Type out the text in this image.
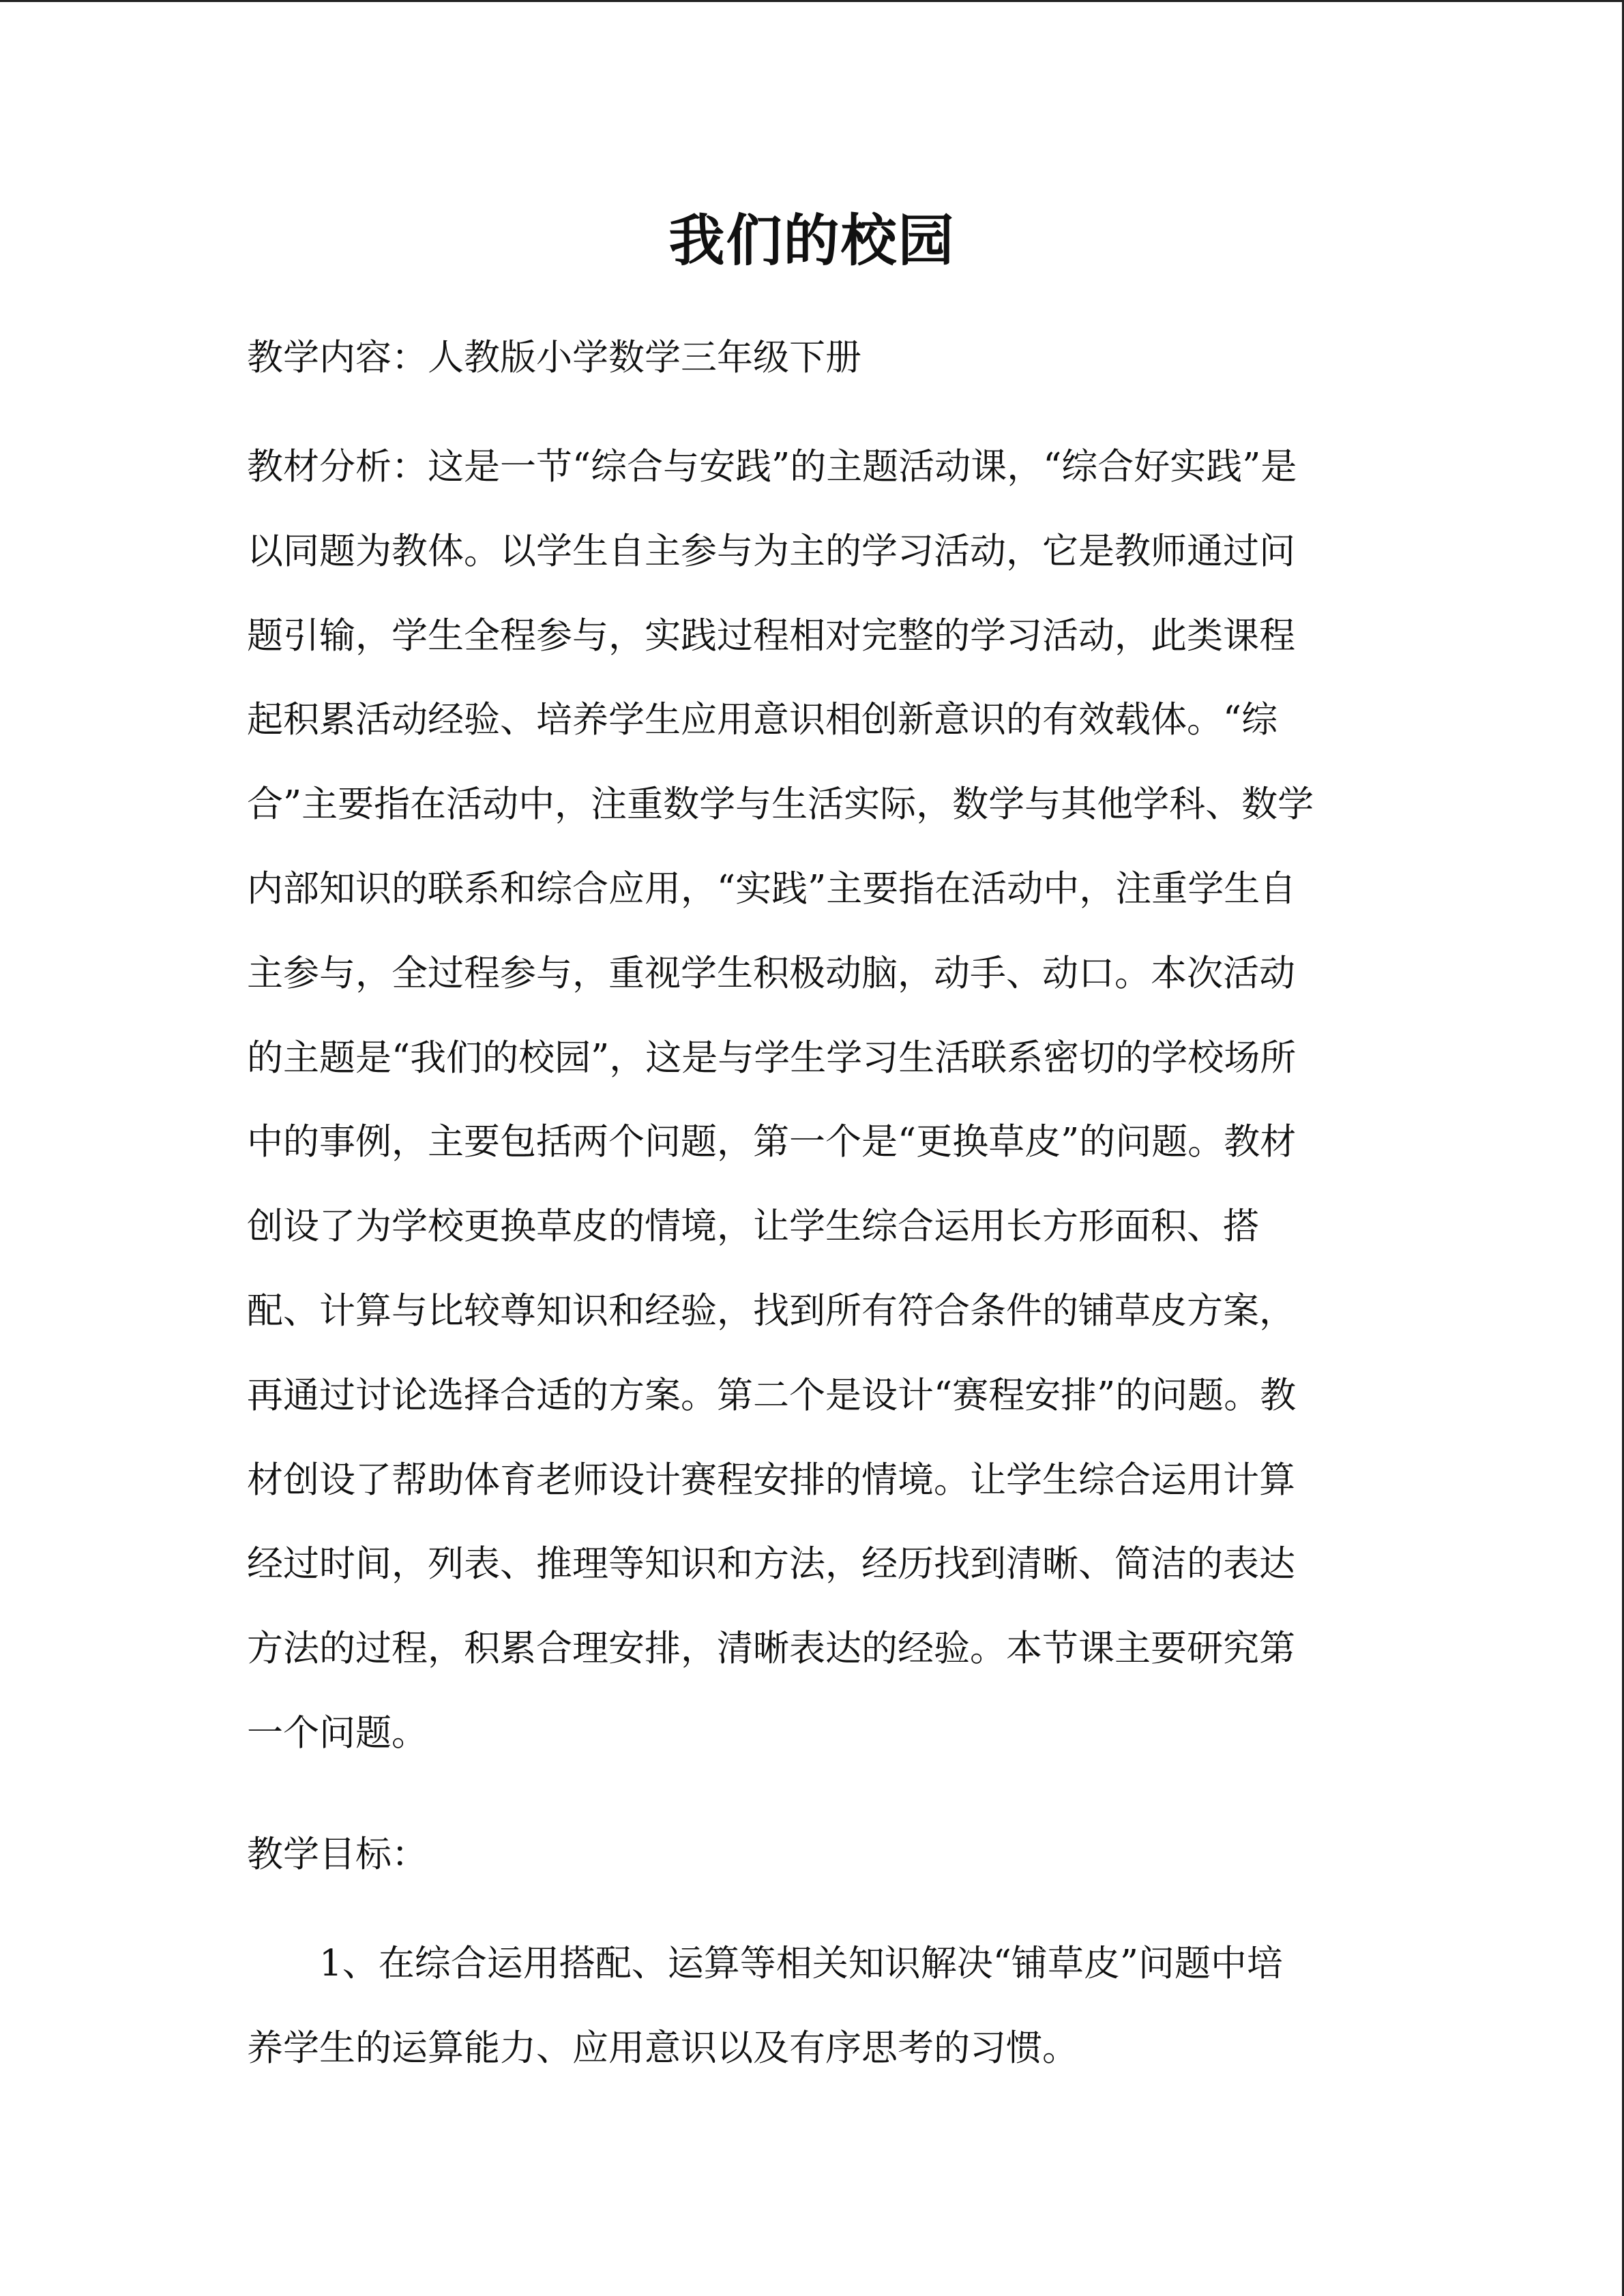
我们的校园

教学内容：人教版小学数学三年级下册

教材分析：这是一节“综合与安践”的主题活动课，“综合好实践”是
以同题为教体。以学生自主参与为主的学习活动，它是教师通过问
题引输，学生全程参与，实践过程相对完整的学习活动，此类课程
起积累活动经验、培养学生应用意识相创新意识的有效载体。“综
合”主要指在活动中，注重数学与生活实际，数学与其他学科、数学
内部知识的联系和综合应用，“实践”主要指在活动中，注重学生自
主参与，全过程参与，重视学生积极动脑，动手、动口。本次活动
的主题是“我们的校园”，这是与学生学习生活联系密切的学校场所
中的事例，主要包括两个问题，第一个是“更换草皮”的问题。教材
创设了为学校更换草皮的情境，让学生综合运用长方形面积、搭
配、计算与比较尊知识和经验，找到所有符合条件的铺草皮方案，
再通过讨论选择合适的方案。第二个是设计“赛程安排”的问题。教
材创设了帮助体育老师设计赛程安排的情境。让学生综合运用计算
经过时间，列表、推理等知识和方法，经历找到清晰、简洁的表达
方法的过程，积累合理安排，清晰表达的经验。本节课主要研究第
一个问题。

教学目标：

1、在综合运用搭配、运算等相关知识解决“铺草皮”问题中培
养学生的运算能力、应用意识以及有序思考的习惯。
